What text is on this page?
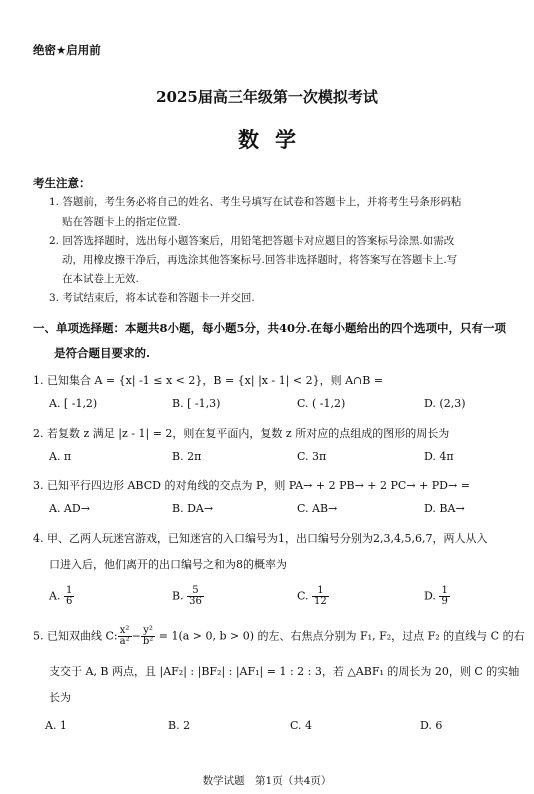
绝密★启用前
2025届高三年级第一次模拟考试
数学
考生注意：
1. 答题前，考生务必将自己的姓名、考生号填写在试卷和答题卡上，并将考生号条形码粘
贴在答题卡上的指定位置.
2. 回答选择题时，选出每小题答案后，用铅笔把答题卡对应题目的答案标号涂黑.如需改
动，用橡皮擦干净后，再选涂其他答案标号.回答非选择题时，将答案写在答题卡上.写
在本试卷上无效.
3. 考试结束后，将本试卷和答题卡一并交回.
一、单项选择题：本题共8小题，每小题5分，共40分.在每小题给出的四个选项中，只有一项
是符合题目要求的.
1. 已知集合 A = {x| -1 ≤ x < 2}，B = {x| |x - 1| < 2}，则 A∩B =
A. [ -1,2)	B. [ -1,3)	C. ( -1,2)	D. (2,3)
2. 若复数 z 满足 |z - 1| = 2，则在复平面内，复数 z 所对应的点组成的图形的周长为
A. π	B. 2π	C. 3π	D. 4π
3. 已知平行四边形 ABCD 的对角线的交点为 P，则 PA→ + 2 PB→ + 2 PC→ + PD→ =
A. AD→	B. DA→	C. AB→	D. BA→
4. 甲、乙两人玩迷宫游戏，已知迷宫的入口编号为1，出口编号分别为2,3,4,5,6,7，两人从入
口进入后，他们离开的出口编号之和为8的概率为
A. $\frac{1}{6}$	B. $\frac{5}{36}$	C. $\frac{1}{12}$	D. $\frac{1}{9}$
5. 已知双曲线 C: $\frac{\text{x²}}{\text{a²}} - \frac{\text{y²}}{\text{b²}} = 1(a > 0$, b > 0) 的左、右焦点分别为 F₁, F₂，过点 F₂ 的直线与 C 的右
支交于 A, B 两点，且 |AF₂| : |BF₂| : |AF₁| = 1 : 2 : 3，若 △ABF₁ 的周长为 20，则 C 的实轴
长为
A. 1	B. 2	C. 4	D. 6
数学试题　第1页（共4页）
